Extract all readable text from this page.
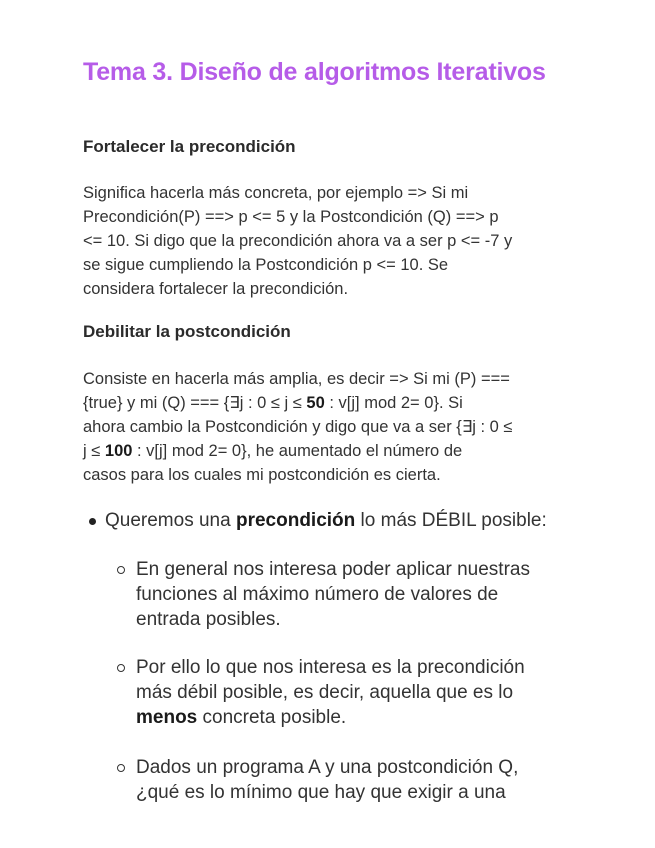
Tema 3. Diseño de algoritmos Iterativos
Fortalecer la precondición
Significa hacerla más concreta, por ejemplo => Si mi
Precondición(P) ==> p <= 5 y la Postcondición (Q) ==> p
<= 10. Si digo que la precondición ahora va a ser p <= -7 y
se sigue cumpliendo la Postcondición p <= 10. Se
considera fortalecer la precondición.
Debilitar la postcondición
Consiste en hacerla más amplia, es decir => Si mi (P) ===
{true} y mi (Q) === {∃j : 0 ≤ j ≤ 50 : v[j] mod 2= 0}. Si
ahora cambio la Postcondición y digo que va a ser {∃j : 0 ≤
j ≤ 100 : v[j] mod 2= 0}, he aumentado el número de
casos para los cuales mi postcondición es cierta.
Queremos una precondición lo más DÉBIL posible:
En general nos interesa poder aplicar nuestras
funciones al máximo número de valores de
entrada posibles.
Por ello lo que nos interesa es la precondición
más débil posible, es decir, aquella que es lo
menos concreta posible.
Dados un programa A y una postcondición Q,
¿qué es lo mínimo que hay que exigir a una
